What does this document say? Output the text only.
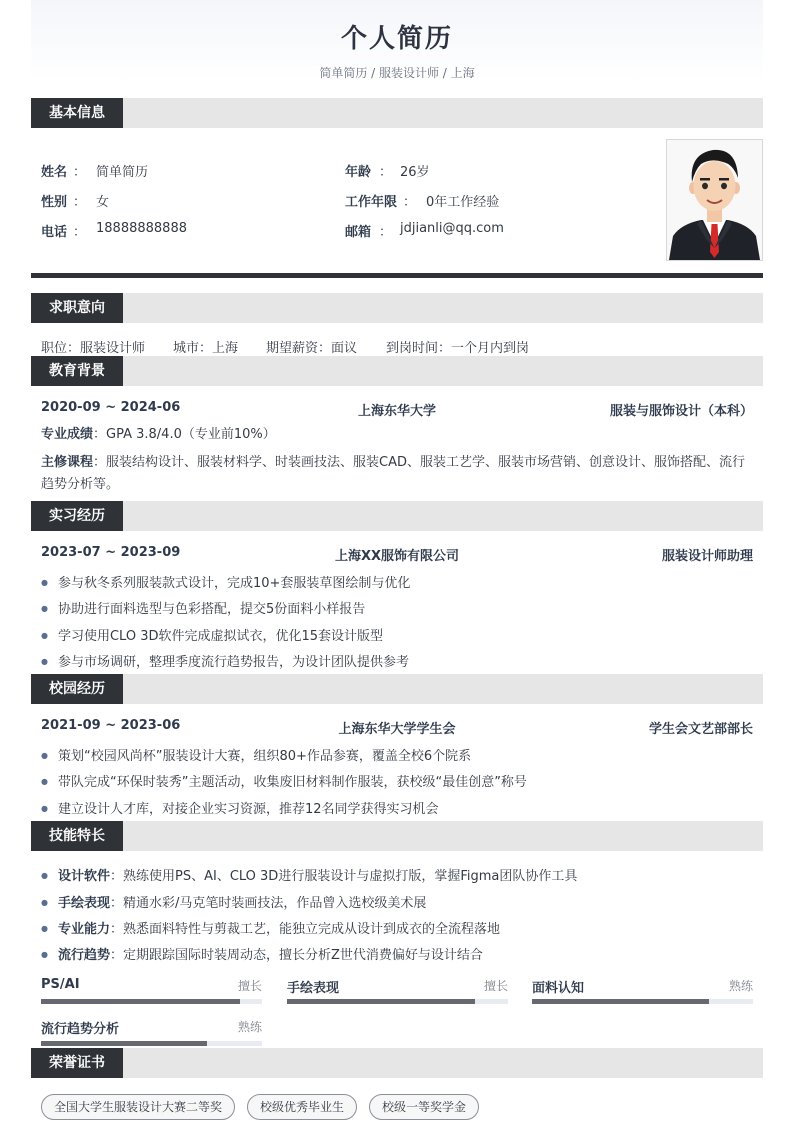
个人简历
简单简历 / 服装设计师 / 上海
基本信息
姓名 ： 简单简历
性别 ： 女
电话 ： 18888888888
年龄 ： 26岁
工作年限 ： 0年工作经验
邮箱 ： jdjianli@qq.com
求职意向
职位：服装设计师 城市：上海 期望薪资：面议 到岗时间：一个月内到岗
教育背景
上海东华大学
2020-09 ~ 2024-06	服装与服饰设计（本科）
专业成绩：GPA 3.8/4.0（专业前10%）
主修课程：服装结构设计、服装材料学、时装画技法、服装CAD、服装工艺学、服装市场营销、创意设计、服饰搭配、流行趋势分析等。
实习经历
上海XX服饰有限公司
2023-07 ~ 2023-09	服装设计师助理
● 参与秋冬系列服装款式设计，完成10+套服装草图绘制与优化
● 协助进行面料选型与色彩搭配，提交5份面料小样报告
● 学习使用CLO 3D软件完成虚拟试衣，优化15套设计版型
● 参与市场调研，整理季度流行趋势报告，为设计团队提供参考
校园经历
上海东华大学学生会
2021-09 ~ 2023-06	学生会文艺部部长
● 策划“校园风尚杯”服装设计大赛，组织80+作品参赛，覆盖全校6个院系
● 带队完成“环保时装秀”主题活动，收集废旧材料制作服装，获校级“最佳创意”称号
● 建立设计人才库，对接企业实习资源，推荐12名同学获得实习机会
技能特长
● 设计软件：熟练使用PS、AI、CLO 3D进行服装设计与虚拟打版，掌握Figma团队协作工具
● 手绘表现：精通水彩/马克笔时装画技法，作品曾入选校级美术展
● 专业能力：熟悉面料特性与剪裁工艺，能独立完成从设计到成衣的全流程落地
● 流行趋势：定期跟踪国际时装周动态，擅长分析Z世代消费偏好与设计结合
PS/AI	擅长 手绘表现	擅长 面料认知	熟练
流行趋势分析	熟练
荣誉证书
全国大学生服装设计大赛二等奖	校级优秀毕业生	校级一等奖学金
